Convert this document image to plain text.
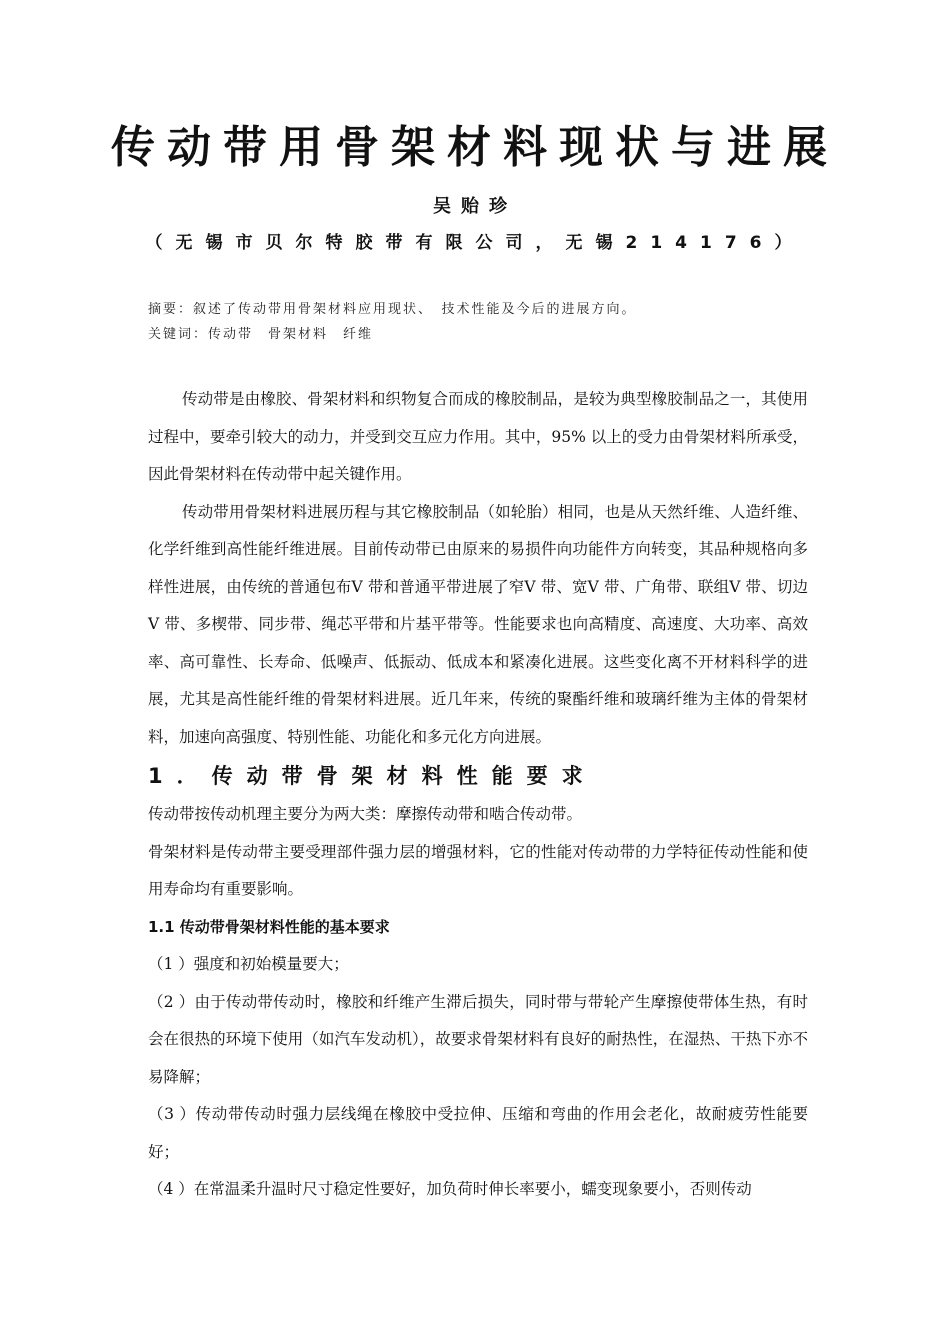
传动带用骨架材料现状与进展
吴贻珍
（无锡市贝尔特胶带有限公司，无锡214176）
摘要：叙述了传动带用骨架材料应用现状、　技术性能及今后的进展方向。
关键词：传动带　骨架材料　纤维

传动带是由橡胶、骨架材料和织物复合而成的橡胶制品，是较为典型橡胶制品之一，其使用过程中，要牵引较大的动力，并受到交互应力作用。其中，95% 以上的受力由骨架材料所承受，因此骨架材料在传动带中起关键作用。

传动带用骨架材料进展历程与其它橡胶制品（如轮胎）相同，也是从天然纤维、人造纤维、化学纤维到高性能纤维进展。目前传动带已由原来的易损件向功能件方向转变，其品种规格向多样性进展，由传统的普通包布V 带和普通平带进展了窄V 带、宽V 带、广角带、联组V 带、切边V 带、多楔带、同步带、绳芯平带和片基平带等。性能要求也向高精度、高速度、大功率、高效率、高可靠性、长寿命、低噪声、低振动、低成本和紧凑化进展。这些变化离不开材料科学的进展，尤其是高性能纤维的骨架材料进展。近几年来，传统的聚酯纤维和玻璃纤维为主体的骨架材料，加速向高强度、特别性能、功能化和多元化方向进展。

1．传动带骨架材料性能要求

传动带按传动机理主要分为两大类：摩擦传动带和啮合传动带。

骨架材料是传动带主要受理部件强力层的增强材料，它的性能对传动带的力学特征传动性能和使用寿命均有重要影响。

1.1 传动带骨架材料性能的基本要求

（1 ）强度和初始模量要大；

（2 ）由于传动带传动时，橡胶和纤维产生滞后损失，同时带与带轮产生摩擦使带体生热，有时会在很热的环境下使用（如汽车发动机），故要求骨架材料有良好的耐热性，在湿热、干热下亦不易降解；

（3 ）传动带传动时强力层线绳在橡胶中受拉伸、压缩和弯曲的作用会老化，故耐疲劳性能要好；

（4 ）在常温柔升温时尺寸稳定性要好，加负荷时伸长率要小，蠕变现象要小，否则传动
